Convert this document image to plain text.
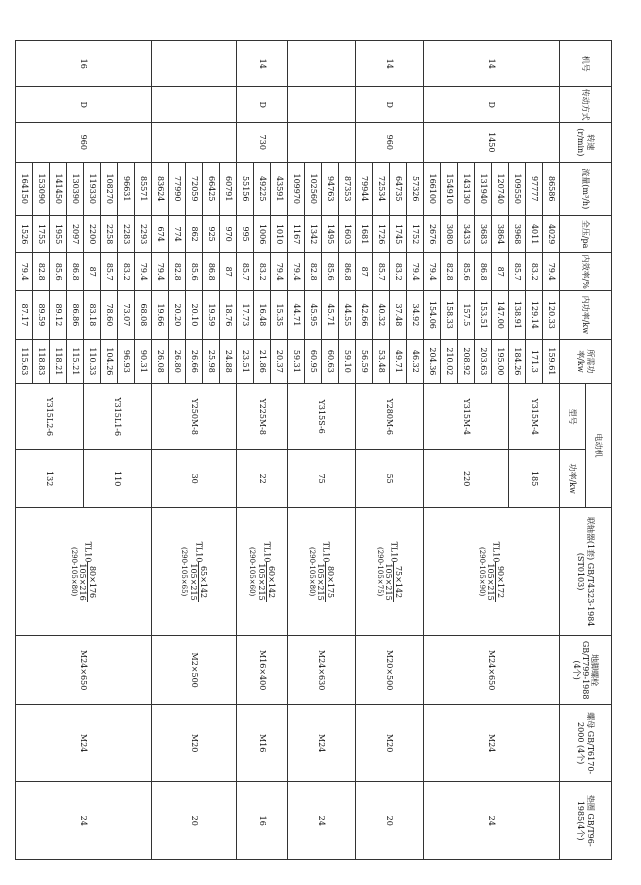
机号	传动方式	转速(r/min)	流量(m³/h)	全压/pa	内效率/%	内功率/kw	所需功率/kw	电动机		联轴器(1套) GB/T4323-1984 (ST0103)	地脚螺栓 GB/T799-1988 (4个)	螺母 GB/T6170-2000 (4个)	垫圈 GB/T96-1985(4个)
								型号	功率/kw				
14	D	1450	86586	4029	79.4	120.33	159.61	Y315M-4	185	TL10
90×172
105×215
(290-105×90)	M24×650	M24	24
			97777	4011	83.2	129.14	171.3						
			109550	3968	85.7	138.91	184.26						
			120740	3864	87	147.00	195.00	Y315M-4	220				
			131940	3683	86.8	153.51	203.63						
			143130	3433	85.6	157.5	208.92						
			154910	3080	82.8	158.33	210.02						
			166100	2676	79.4	154.06	204.36						
14	D	960	57326	1752	79.4	34.92	46.32	Y280M-6	55	TL10
75×142
105×215
(290-105×75)	M20×500	M20	20
			64735	1745	83.2	37.48	49.71						
			72534	1726	85.7	40.32	53.48						
			79944	1681	87	42.66	56.59						
			87353	1603	86.8	44.55	59.10	Y315S-6	75	TL10
80×175
105×215
(290-105×80)	M24×630	M24	24
			94763	1495	85.6	45.71	60.63						
			102560	1342	82.8	45.95	60.95						
			109970	1167	79.4	44.71	59.31						
14	D	730	43591	1010	79.4	15.35	20.37	Y225M-8	22	TL10
60×142
105×215
(290-105×60)	M16×400	M16	16
			49225	1006	83.2	16.48	21.86						
			55156	995	85.7	17.73	23.51						
			60791	970	87	18.76	24.88	Y250M-8	30	TL10
65×142
105×215
(290-105×65)	M2×500	M20	20
			66425	925	86.8	19.59	25.98						
			72059	862	85.6	20.10	26.66						
			77990	774	82.8	20.20	26.80						
			83624	674	79.4	19.66	26.08						
16	D	960	85571	2293	79.4	68.08	90.31	Y315L1-6	110	TL10
80×176
105×216
(290-105×80)	M24×650	M24	24
			96631	2283	83.2	73.07	96.93						
			108270	2258	85.7	78.60	104.26						
			119330	2200	87	83.18	110.33						
			130390	2097	86.8	86.86	115.21	Y315L2-6	132				
			141450	1955	85.6	89.12	118.21						
			153090	1755	82.8	89.59	118.83						
			164150	1526	79.4	87.17	115.63						
